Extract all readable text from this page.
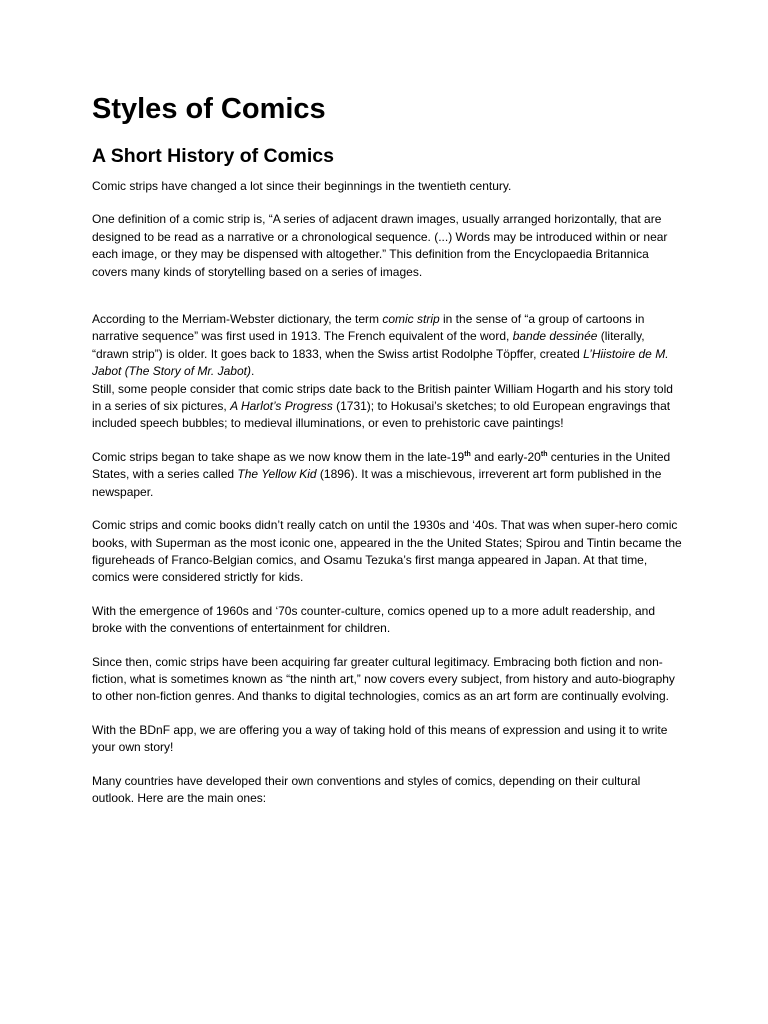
Styles of Comics
A Short History of Comics

Comic strips have changed a lot since their beginnings in the twentieth century.

One definition of a comic strip is, “A series of adjacent drawn images, usually arranged horizontally, that are designed to be read as a narrative or a chronological sequence. (...) Words may be introduced within or near each image, or they may be dispensed with altogether.” This definition from the Encyclopaedia Britannica covers many kinds of storytelling based on a series of images.

According to the Merriam-Webster dictionary, the term comic strip in the sense of “a group of cartoons in narrative sequence” was first used in 1913. The French equivalent of the word, bande dessinée (literally, “drawn strip”) is older. It goes back to 1833, when the Swiss artist Rodolphe Töpffer, created L’Hiistoire de M. Jabot (The Story of Mr. Jabot).

Still, some people consider that comic strips date back to the British painter William Hogarth and his story told in a series of six pictures, A Harlot’s Progress (1731); to Hokusai’s sketches; to old European engravings that included speech bubbles; to medieval illuminations, or even to prehistoric cave paintings!

Comic strips began to take shape as we now know them in the late-19th and early-20th centuries in the United States, with a series called The Yellow Kid (1896). It was a mischievous, irreverent art form published in the newspaper.

Comic strips and comic books didn’t really catch on until the 1930s and ‘40s. That was when super-hero comic books, with Superman as the most iconic one, appeared in the the United States; Spirou and Tintin became the figureheads of Franco-Belgian comics, and Osamu Tezuka’s first manga appeared in Japan. At that time, comics were considered strictly for kids.

With the emergence of 1960s and ‘70s counter-culture, comics opened up to a more adult readership, and broke with the conventions of entertainment for children.

Since then, comic strips have been acquiring far greater cultural legitimacy. Embracing both fiction and non-fiction, what is sometimes known as “the ninth art,” now covers every subject, from history and auto-biography to other non-fiction genres. And thanks to digital technologies, comics as an art form are continually evolving.

With the BDnF app, we are offering you a way of taking hold of this means of expression and using it to write your own story!

Many countries have developed their own conventions and styles of comics, depending on their cultural outlook. Here are the main ones:
